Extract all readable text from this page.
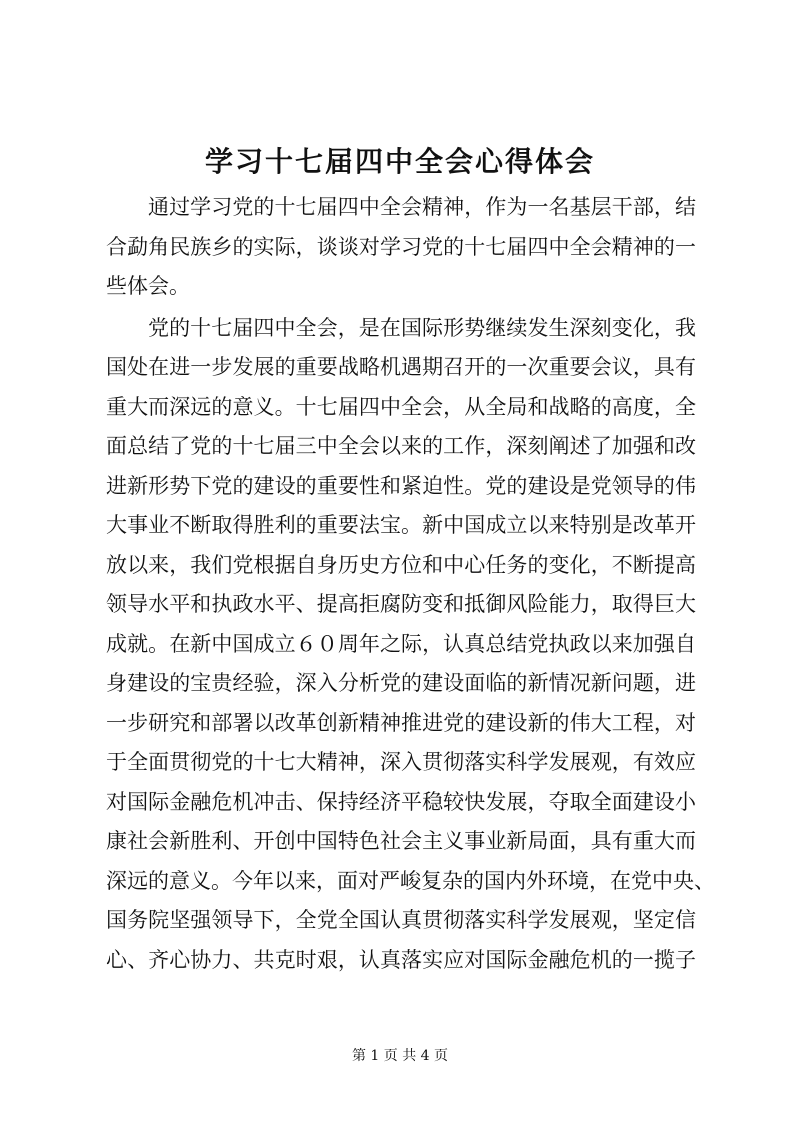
学习十七届四中全会心得体会
通过学习党的十七届四中全会精神，作为一名基层干部，结
合勐角民族乡的实际，谈谈对学习党的十七届四中全会精神的一
些体会。
党的十七届四中全会，是在国际形势继续发生深刻变化，我
国处在进一步发展的重要战略机遇期召开的一次重要会议，具有
重大而深远的意义。十七届四中全会，从全局和战略的高度，全
面总结了党的十七届三中全会以来的工作，深刻阐述了加强和改
进新形势下党的建设的重要性和紧迫性。党的建设是党领导的伟
大事业不断取得胜利的重要法宝。新中国成立以来特别是改革开
放以来，我们党根据自身历史方位和中心任务的变化，不断提高
领导水平和执政水平、提高拒腐防变和抵御风险能力，取得巨大
成就。在新中国成立６０周年之际，认真总结党执政以来加强自
身建设的宝贵经验，深入分析党的建设面临的新情况新问题，进
一步研究和部署以改革创新精神推进党的建设新的伟大工程，对
于全面贯彻党的十七大精神，深入贯彻落实科学发展观，有效应
对国际金融危机冲击、保持经济平稳较快发展，夺取全面建设小
康社会新胜利、开创中国特色社会主义事业新局面，具有重大而
深远的意义。今年以来，面对严峻复杂的国内外环境，在党中央、
国务院坚强领导下，全党全国认真贯彻落实科学发展观，坚定信
心、齐心协力、共克时艰，认真落实应对国际金融危机的一揽子
第 1 页 共 4 页
